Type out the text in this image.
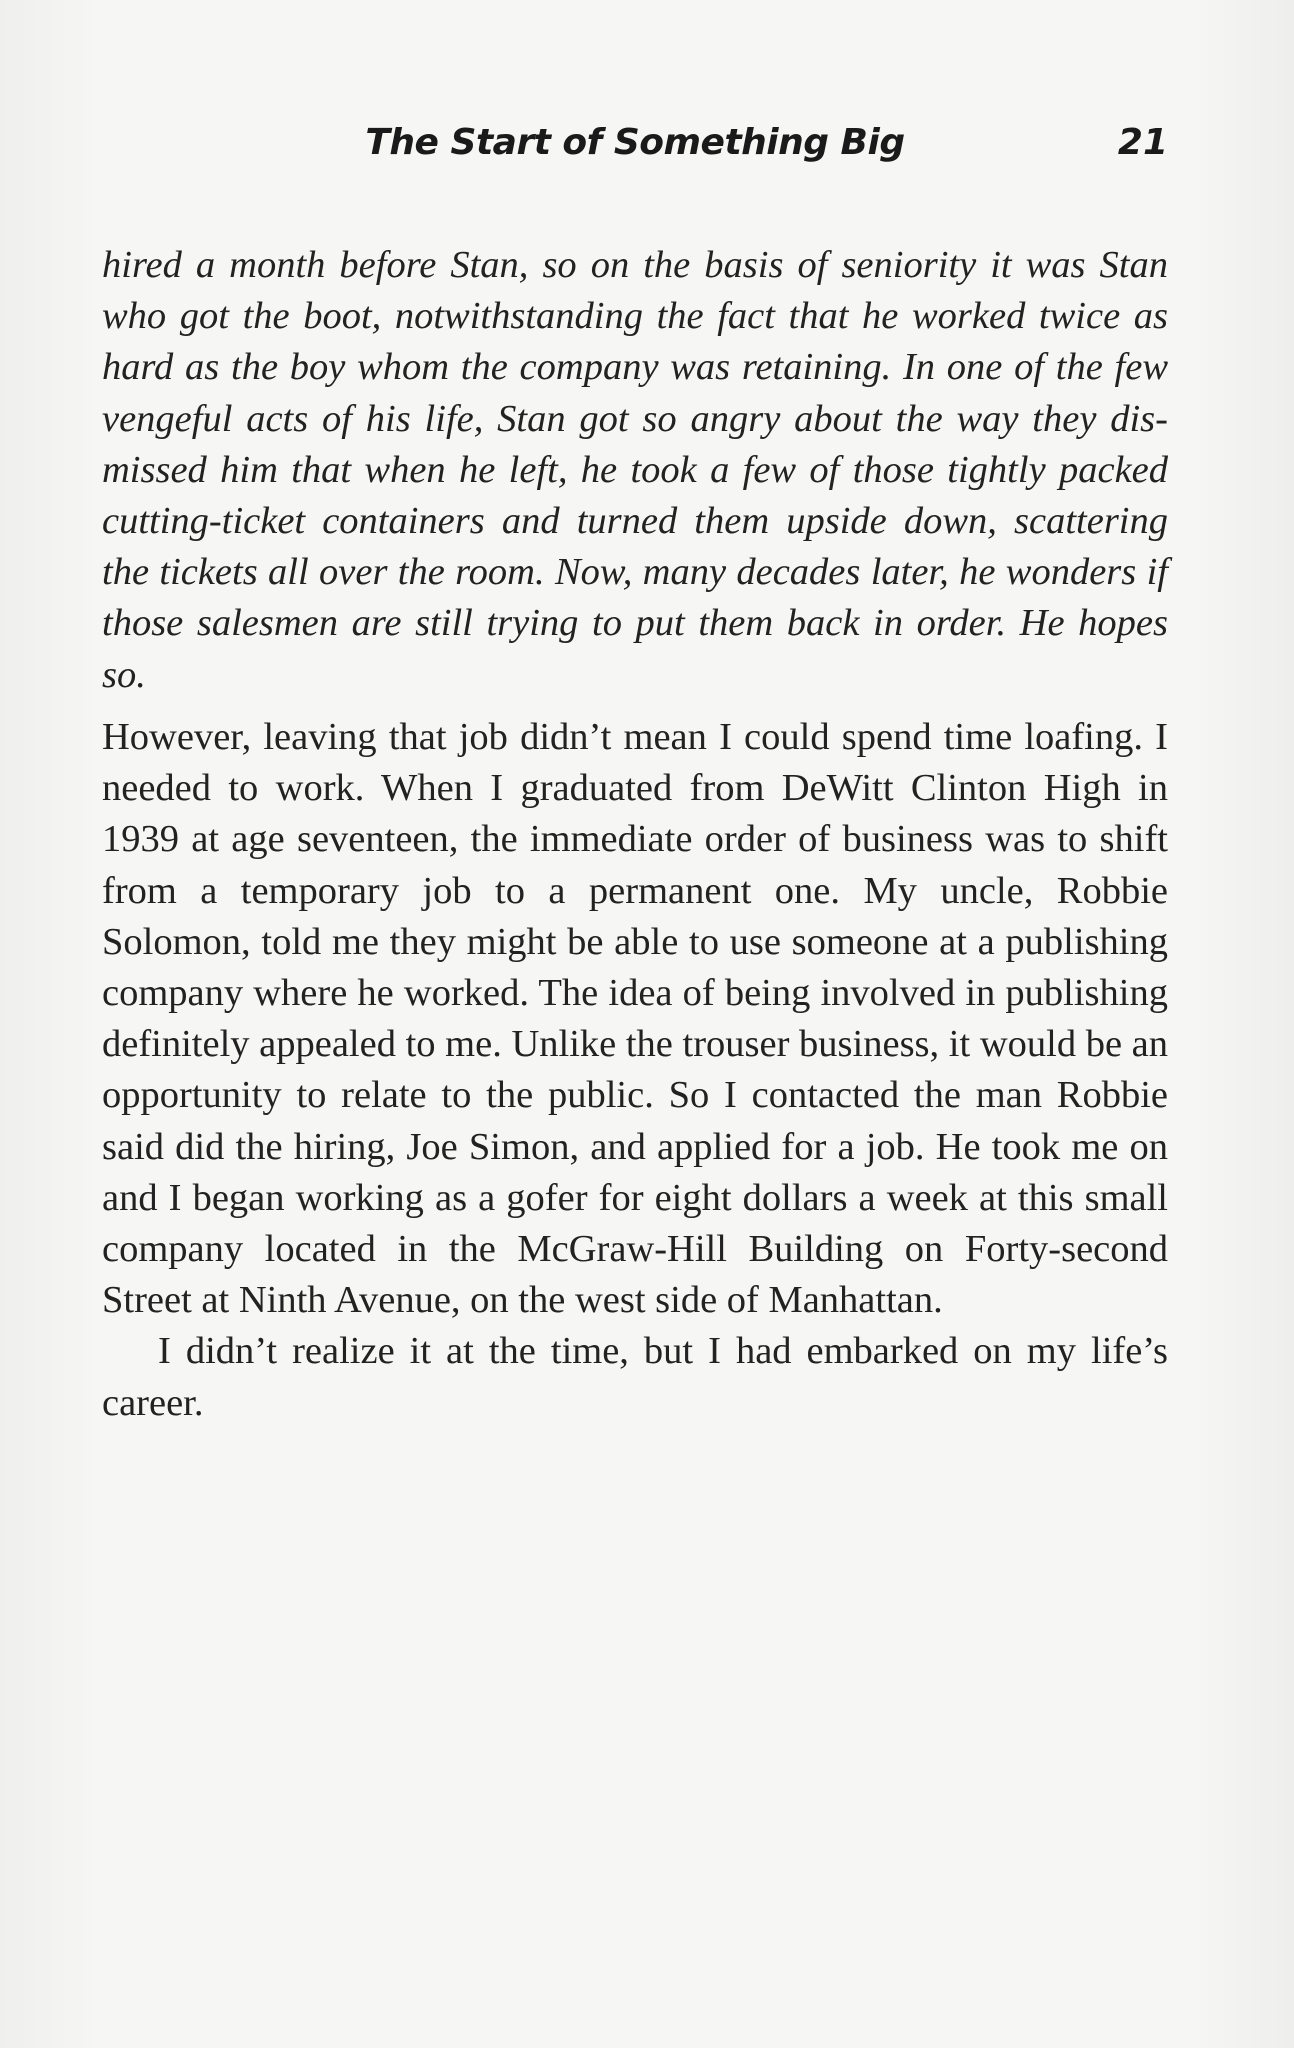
The Start of Something Big	21

hired a month before Stan, so on the basis of seniority it was Stan who got the boot, notwithstanding the fact that he worked twice as hard as the boy whom the company was retaining. In one of the few vengeful acts of his life, Stan got so angry about the way they dismissed him that when he left, he took a few of those tightly packed cutting-ticket containers and turned them upside down, scattering the tickets all over the room. Now, many decades later, he wonders if those salesmen are still trying to put them back in order. He hopes so.

However, leaving that job didn’t mean I could spend time loafing. I needed to work. When I graduated from DeWitt Clinton High in 1939 at age seventeen, the immediate order of business was to shift from a temporary job to a permanent one. My uncle, Robbie Solomon, told me they might be able to use someone at a publishing company where he worked. The idea of being involved in publishing definitely appealed to me. Unlike the trouser business, it would be an opportunity to relate to the public. So I contacted the man Robbie said did the hiring, Joe Simon, and applied for a job. He took me on and I began working as a gofer for eight dollars a week at this small company located in the McGraw-Hill Building on Forty-second Street at Ninth Avenue, on the west side of Manhattan.

I didn’t realize it at the time, but I had embarked on my life’s career.
